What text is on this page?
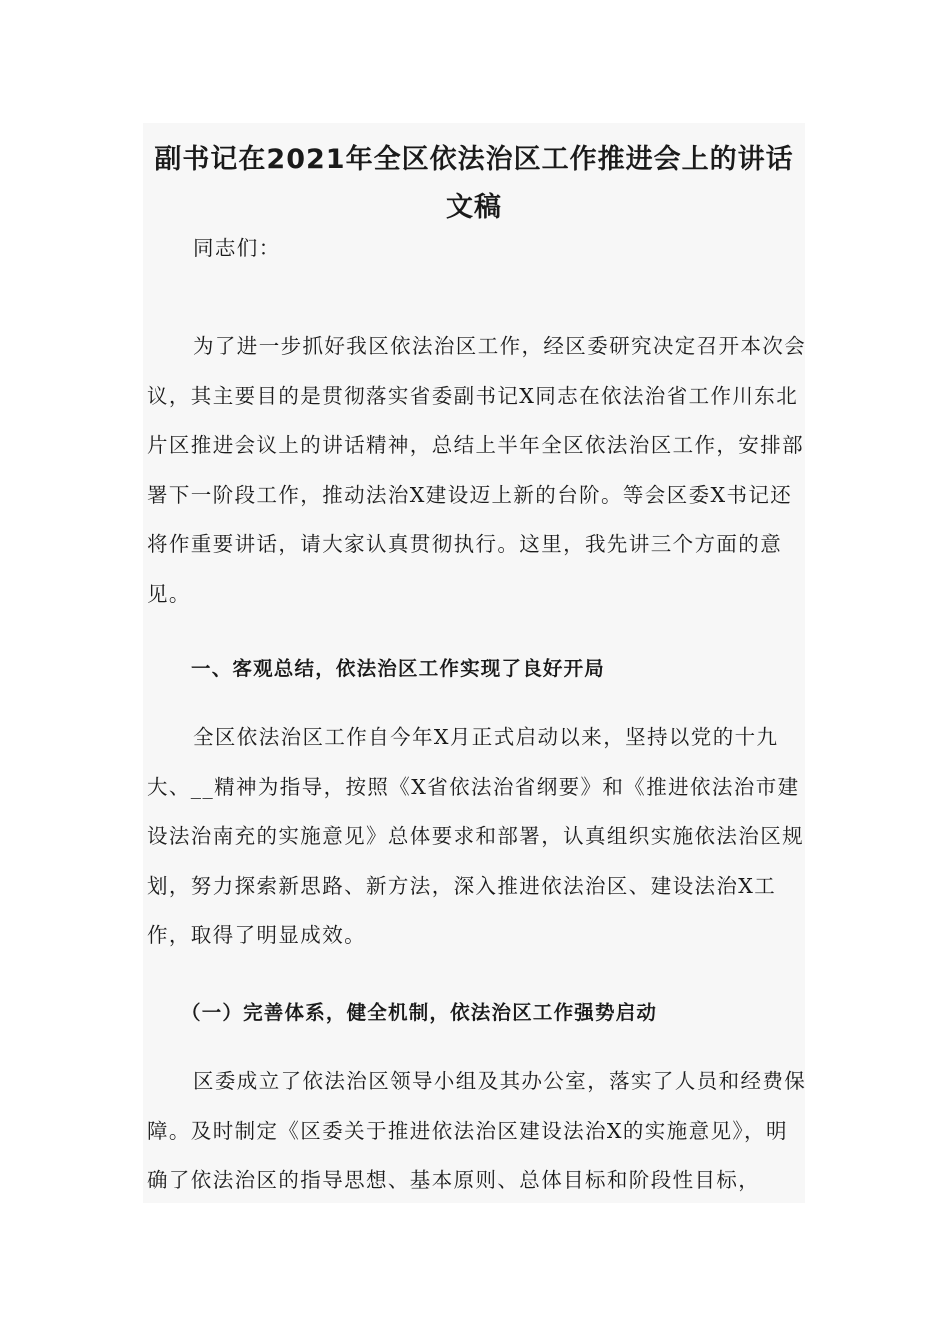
副书记在2021年全区依法治区工作推进会上的讲话
文稿

同志们：

为了进一步抓好我区依法治区工作，经区委研究决定召开本次会议，其主要目的是贯彻落实省委副书记X同志在依法治省工作川东北片区推进会议上的讲话精神，总结上半年全区依法治区工作，安排部署下一阶段工作，推动法治X建设迈上新的台阶。等会区委X书记还将作重要讲话，请大家认真贯彻执行。这里，我先讲三个方面的意见。

一、客观总结，依法治区工作实现了良好开局

全区依法治区工作自今年X月正式启动以来，坚持以党的十九大、__精神为指导，按照《X省依法治省纲要》和《推进依法治市建设法治南充的实施意见》总体要求和部署，认真组织实施依法治区规划，努力探索新思路、新方法，深入推进依法治区、建设法治X工作，取得了明显成效。

（一）完善体系，健全机制，依法治区工作强势启动

区委成立了依法治区领导小组及其办公室，落实了人员和经费保障。及时制定《区委关于推进依法治区建设法治X的实施意见》，明确了依法治区的指导思想、基本原则、总体目标和阶段性目标，
